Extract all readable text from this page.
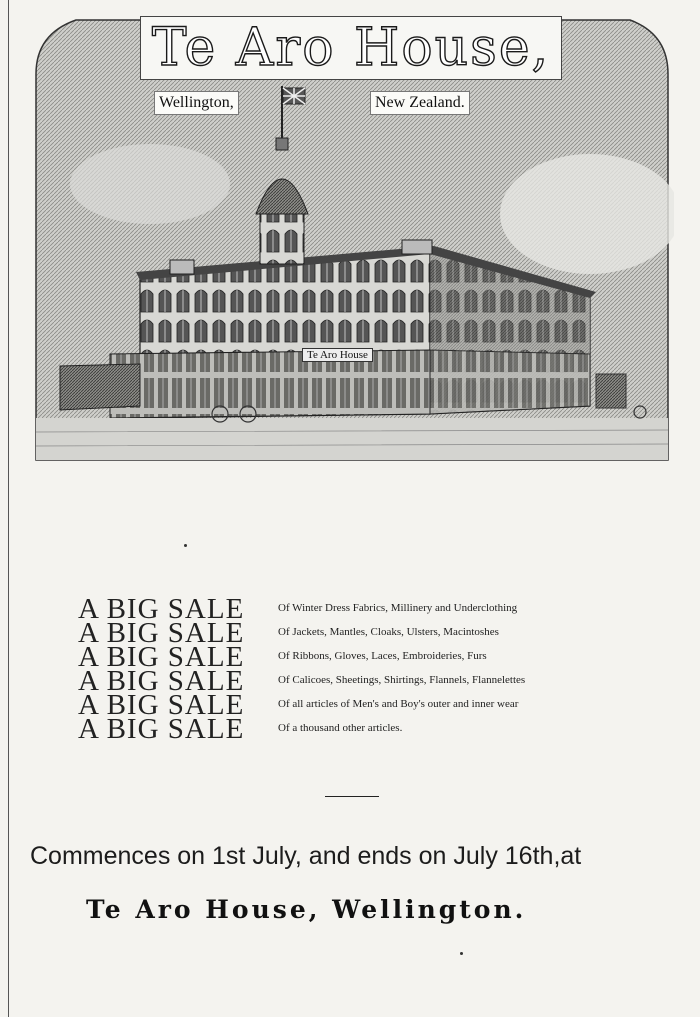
Te Aro House,
Wellington,	New Zealand.
Te Aro House
A BIG SALE	Of Winter Dress Fabrics, Millinery and Underclothing
A BIG SALE	Of Jackets, Mantles, Cloaks, Ulsters, Macintoshes
A BIG SALE	Of Ribbons, Gloves, Laces, Embroideries, Furs
A BIG SALE	Of Calicoes, Sheetings, Shirtings, Flannels, Flannelettes
A BIG SALE	Of all articles of Men's and Boy's outer and inner wear
A BIG SALE	Of a thousand other articles.
Commences on 1st July, and ends on July 16th,at
Te Aro House, Wellington.
